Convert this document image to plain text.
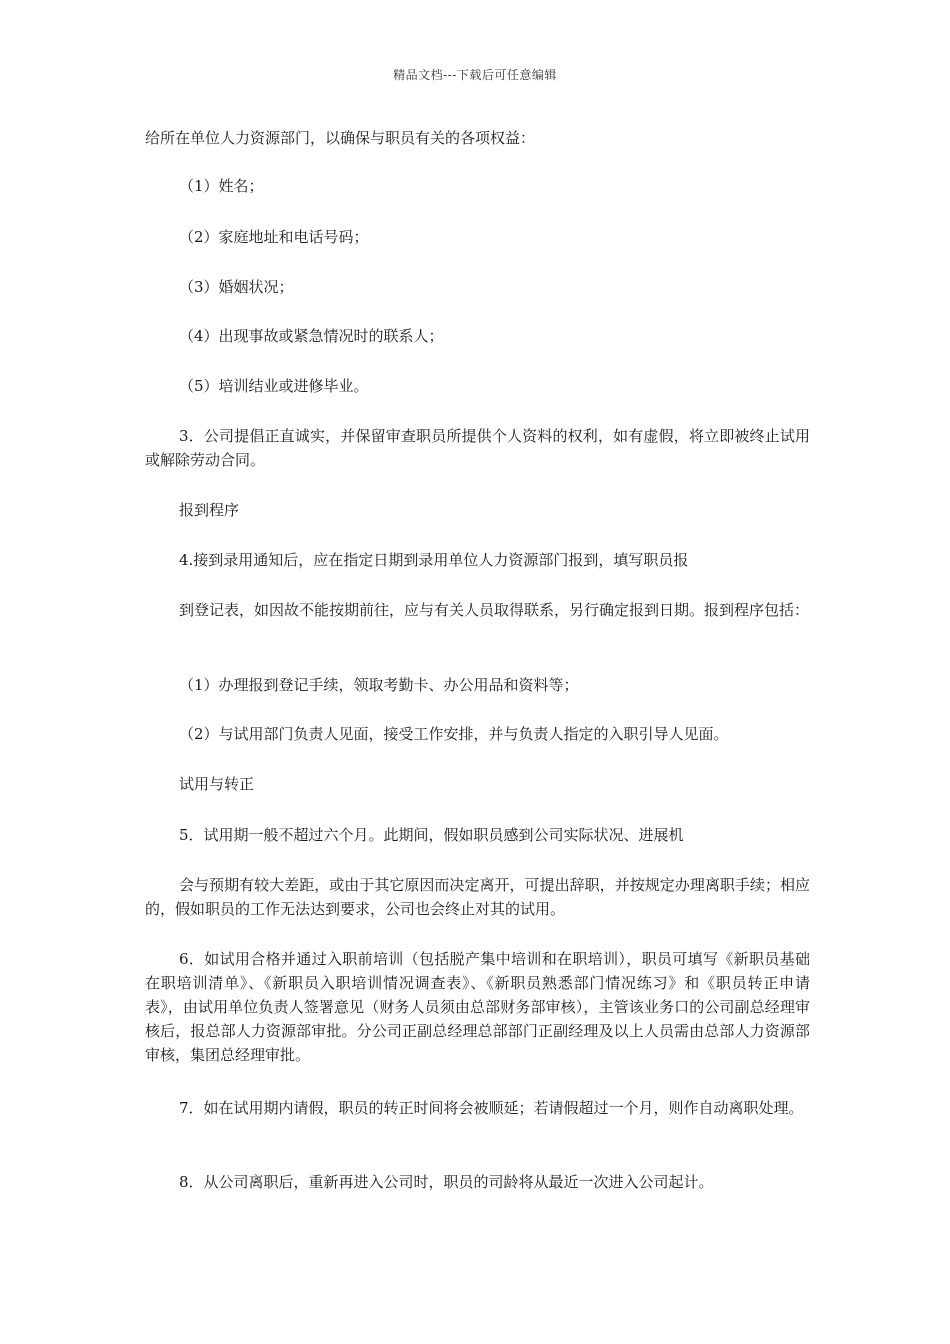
精品文档---下载后可任意编辑
给所在单位人力资源部门，以确保与职员有关的各项权益：
（1）姓名；
（2）家庭地址和电话号码；
（3）婚姻状况；
（4）出现事故或紧急情况时的联系人；
（5）培训结业或进修毕业。
3．公司提倡正直诚实，并保留审查职员所提供个人资料的权利，如有虚假，将立即被终止试用或解除劳动合同。
报到程序
4.接到录用通知后，应在指定日期到录用单位人力资源部门报到，填写职员报
到登记表，如因故不能按期前往，应与有关人员取得联系，另行确定报到日期。报到程序包括：
（1）办理报到登记手续，领取考勤卡、办公用品和资料等；
（2）与试用部门负责人见面，接受工作安排，并与负责人指定的入职引导人见面。
试用与转正
5．试用期一般不超过六个月。此期间，假如职员感到公司实际状况、进展机
会与预期有较大差距，或由于其它原因而决定离开，可提出辞职，并按规定办理离职手续；相应的，假如职员的工作无法达到要求，公司也会终止对其的试用。
6．如试用合格并通过入职前培训（包括脱产集中培训和在职培训），职员可填写《新职员基础在职培训清单》、《新职员入职培训情况调查表》、《新职员熟悉部门情况练习》和《职员转正申请表》，由试用单位负责人签署意见（财务人员须由总部财务部审核），主管该业务口的公司副总经理审核后，报总部人力资源部审批。分公司正副总经理总部部门正副经理及以上人员需由总部人力资源部审核，集团总经理审批。
7．如在试用期内请假，职员的转正时间将会被顺延；若请假超过一个月，则作自动离职处理。
8．从公司离职后，重新再进入公司时，职员的司龄将从最近一次进入公司起计。
